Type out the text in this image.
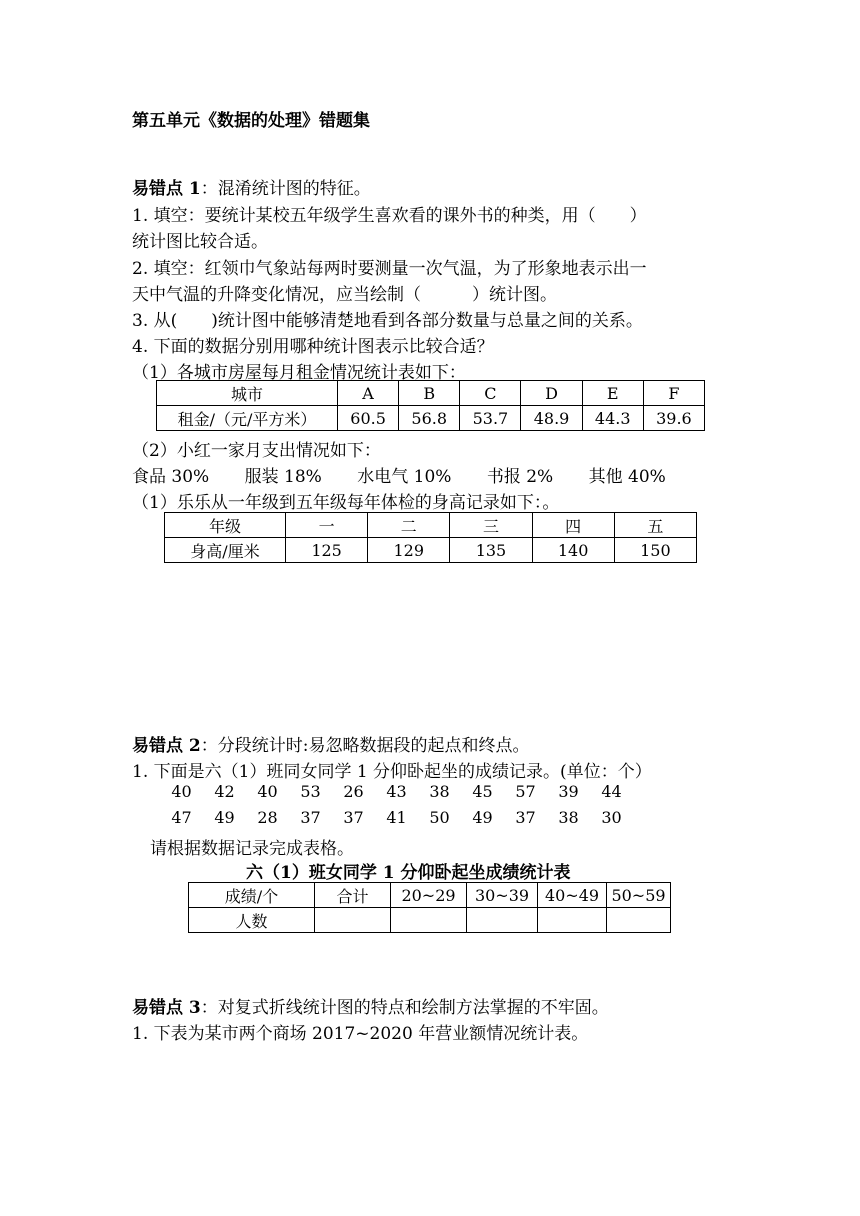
第五单元《数据的处理》错题集
易错点 1：混淆统计图的特征。
1. 填空：要统计某校五年级学生喜欢看的课外书的种类，用（　　）
统计图比较合适。
2. 填空：红领巾气象站每两时要测量一次气温，为了形象地表示出一
天中气温的升降变化情况，应当绘制（　　　）统计图。
3. 从(　　)统计图中能够清楚地看到各部分数量与总量之间的关系。
4. 下面的数据分别用哪种统计图表示比较合适？
（1）各城市房屋每月租金情况统计表如下：
城市	A	B	C	D	E	F
租金/（元/平方米）	60.5	56.8	53.7	48.9	44.3	39.6
（2）小红一家月支出情况如下：
食品 30% 服装 18% 水电气 10% 书报 2% 其他 40%
（1）乐乐从一年级到五年级每年体检的身高记录如下：。
年级	一	二	三	四	五
身高/厘米	125	129	135	140	150
易错点 2：分段统计时:易忽略数据段的起点和终点。
1. 下面是六（1）班同女同学 1 分仰卧起坐的成绩记录。(单位：个）
40 42 40 53 26 43 38 45 57 39 44
47 49 28 37 37 41 50 49 37 38 30
请根据数据记录完成表格。
六（1）班女同学 1 分仰卧起坐成绩统计表
成绩/个	合计	20~29	30~39	40~49	50~59
人数					
易错点 3：对复式折线统计图的特点和绘制方法掌握的不牢固。
1. 下表为某市两个商场 2017~2020 年营业额情况统计表。
